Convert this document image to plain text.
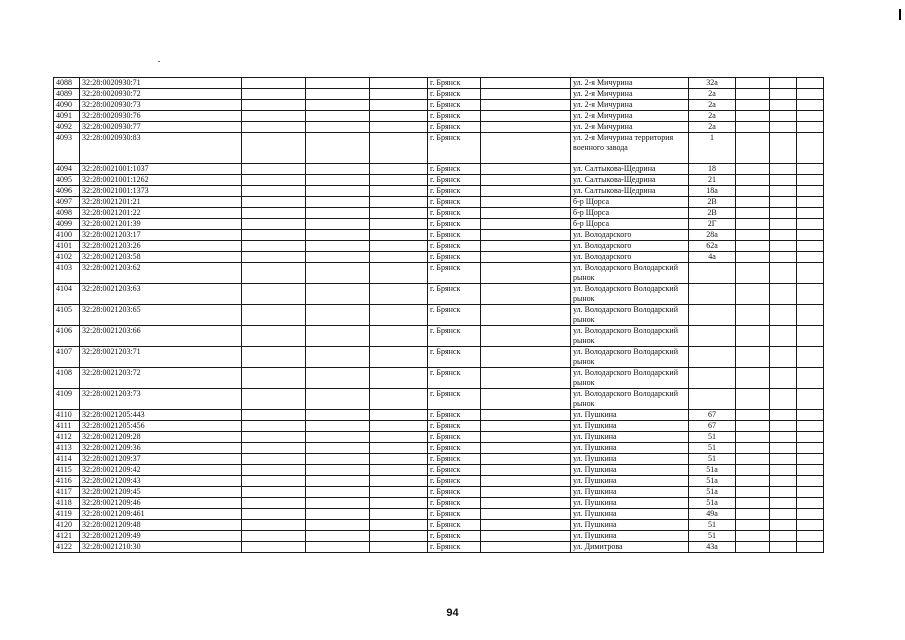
4088	32:28:0020930:71				г. Брянск		ул. 2-я Мичурина	32а			
4089	32:28:0020930:72				г. Брянск		ул. 2-я Мичурина	2а			
4090	32:28:0020930:73				г. Брянск		ул. 2-я Мичурина	2а			
4091	32:28:0020930:76				г. Брянск		ул. 2-я Мичурина	2а			
4092	32:28:0020930:77				г. Брянск		ул. 2-я Мичурина	2а			
4093	32:28:0020930:83				г. Брянск		ул. 2-я Мичурина территория военного завода	1			
4094	32:28:0021001:1037				г. Брянск		ул. Салтыкова-Щедрина	18			
4095	32:28:0021001:1262				г. Брянск		ул. Салтыкова-Щедрина	21			
4096	32:28:0021001:1373				г. Брянск		ул. Салтыкова-Щедрина	18а			
4097	32:28:0021201:21				г. Брянск		б-р Щорса	2В			
4098	32:28:0021201:22				г. Брянск		б-р Щорса	2В			
4099	32:28:0021201:39				г. Брянск		б-р Щорса	2Г			
4100	32:28:0021203:17				г. Брянск		ул. Володарского	28а			
4101	32:28:0021203:26				г. Брянск		ул. Володарского	62а			
4102	32:28:0021203:58				г. Брянск		ул. Володарского	4а			
4103	32:28:0021203:62				г. Брянск		ул. Володарского Володарский рынок				
4104	32:28:0021203:63				г. Брянск		ул. Володарского Володарский рынок				
4105	32:28:0021203:65				г. Брянск		ул. Володарского Володарский рынок				
4106	32:28:0021203:66				г. Брянск		ул. Володарского Володарский рынок				
4107	32:28:0021203:71				г. Брянск		ул. Володарского Володарский рынок				
4108	32:28:0021203:72				г. Брянск		ул. Володарского Володарский рынок				
4109	32:28:0021203:73				г. Брянск		ул. Володарского Володарский рынок				
4110	32:28:0021205:443				г. Брянск		ул. Пушкина	67			
4111	32:28:0021205:456				г. Брянск		ул. Пушкина	67			
4112	32:28:0021209:28				г. Брянск		ул. Пушкина	51			
4113	32:28:0021209:36				г. Брянск		ул. Пушкина	51			
4114	32:28:0021209:37				г. Брянск		ул. Пушкина	51			
4115	32:28:0021209:42				г. Брянск		ул. Пушкина	51а			
4116	32:28:0021209:43				г. Брянск		ул. Пушкина	51а			
4117	32:28:0021209:45				г. Брянск		ул. Пушкина	51а			
4118	32:28:0021209:46				г. Брянск		ул. Пушкина	51а			
4119	32:28:0021209:461				г. Брянск		ул. Пушкина	49а			
4120	32:28:0021209:48				г. Брянск		ул. Пушкина	51			
4121	32:28:0021209:49				г. Брянск		ул. Пушкина	51			
4122	32:28:0021210:30				г. Брянск		ул. Димитрова	43а			
94
